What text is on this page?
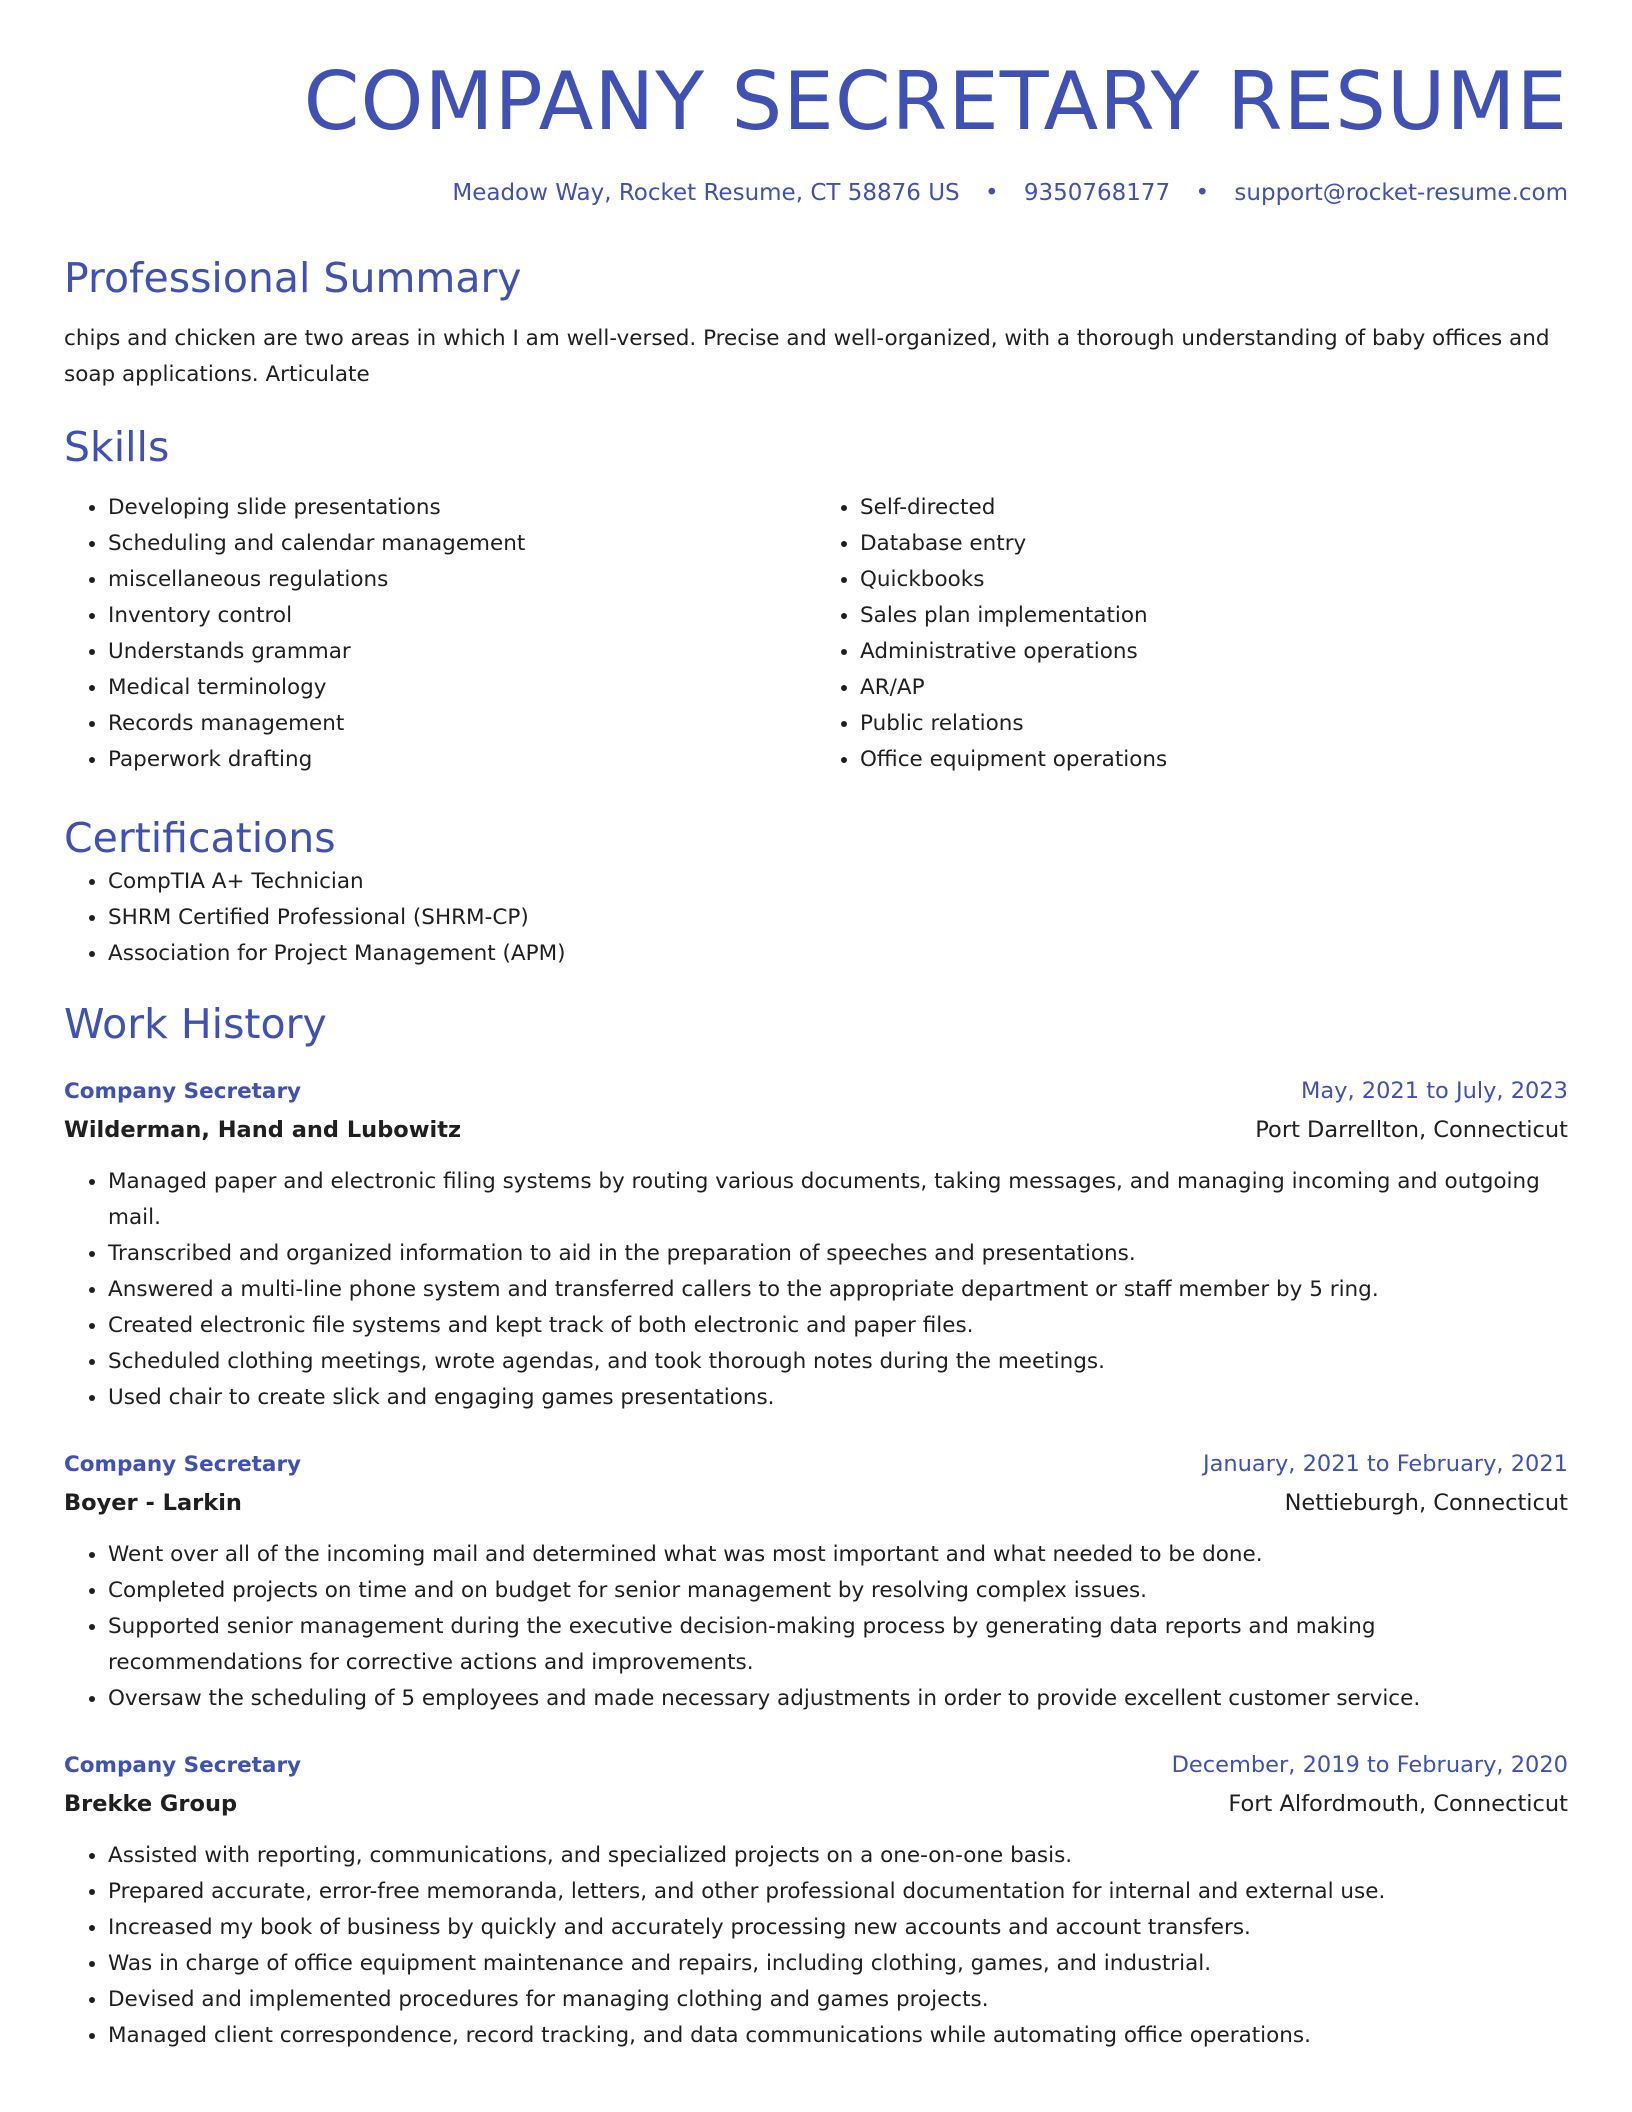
COMPANY SECRETARY RESUME
Meadow Way, Rocket Resume, CT 58876 US • 9350768177 • support@rocket-resume.com
Professional Summary
chips and chicken are two areas in which I am well-versed. Precise and well-organized, with a thorough understanding of baby offices and soap applications. Articulate
Skills
• Developing slide presentations
• Scheduling and calendar management
• miscellaneous regulations
• Inventory control
• Understands grammar
• Medical terminology
• Records management
• Paperwork drafting
• Self-directed
• Database entry
• Quickbooks
• Sales plan implementation
• Administrative operations
• AR/AP
• Public relations
• Office equipment operations
Certifications
• CompTIA A+ Technician
• SHRM Certified Professional (SHRM-CP)
• Association for Project Management (APM)
Work History
Company Secretary	May, 2021 to July, 2023
Wilderman, Hand and Lubowitz	Port Darrellton, Connecticut
• Managed paper and electronic filing systems by routing various documents, taking messages, and managing incoming and outgoing mail.
• Transcribed and organized information to aid in the preparation of speeches and presentations.
• Answered a multi-line phone system and transferred callers to the appropriate department or staff member by 5 ring.
• Created electronic file systems and kept track of both electronic and paper files.
• Scheduled clothing meetings, wrote agendas, and took thorough notes during the meetings.
• Used chair to create slick and engaging games presentations.
Company Secretary	January, 2021 to February, 2021
Boyer - Larkin	Nettieburgh, Connecticut
• Went over all of the incoming mail and determined what was most important and what needed to be done.
• Completed projects on time and on budget for senior management by resolving complex issues.
• Supported senior management during the executive decision-making process by generating data reports and making recommendations for corrective actions and improvements.
• Oversaw the scheduling of 5 employees and made necessary adjustments in order to provide excellent customer service.
Company Secretary	December, 2019 to February, 2020
Brekke Group	Fort Alfordmouth, Connecticut
• Assisted with reporting, communications, and specialized projects on a one-on-one basis.
• Prepared accurate, error-free memoranda, letters, and other professional documentation for internal and external use.
• Increased my book of business by quickly and accurately processing new accounts and account transfers.
• Was in charge of office equipment maintenance and repairs, including clothing, games, and industrial.
• Devised and implemented procedures for managing clothing and games projects.
• Managed client correspondence, record tracking, and data communications while automating office operations.
